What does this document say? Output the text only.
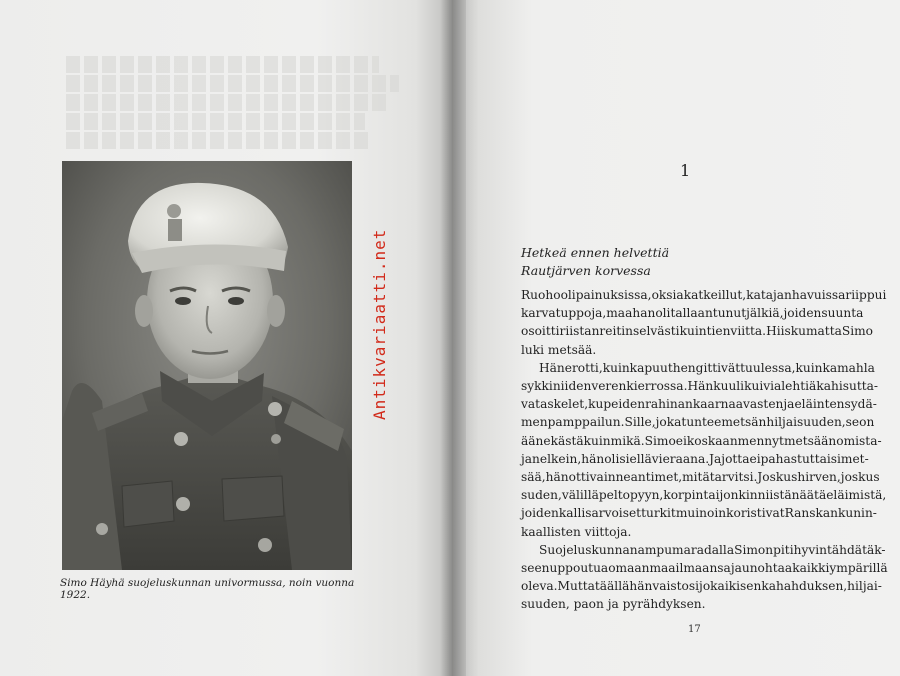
Simo Häyhä suojeluskunnan univormussa, noin vuonna 1922.
Antikvariaatti.net
1
Hetkeä ennen helvettiä
Rautjärven korvessa
Ruoho oli painuksissa, oksia katkeillut, katajanhavuissa riippui
karvatuppoja, maahan oli tallaantunut jälkiä, joiden suunta
osoitti riistan reitin selvästi kuin tienviitta. Hiiskumatta Simo
luki metsää.
Hän erotti, kuinka puut hengittivät tuulessa, kuinka mahla
sykki niiden verenkierrossa. Hän kuuli kuivia lehtiä kahisutta-
vat askelet, kupeiden rahinan kaarnaa vasten ja eläinten sydä-
men pamppailun. Sille, joka tuntee metsän hiljaisuuden, se on
äänekästä kuin mikä. Simo ei koskaan mennyt metsään omista-
jan elkein, hän oli siellä vieraana. Ja jotta ei pahastuttaisi met-
sää, hän otti vain ne antimet, mitä tarvitsi. Joskus hirven, joskus
suden, välillä peltopyyn, korpin tai jonkin niistä näätäeläimistä,
joiden kallisarvoiset turkit muinoin koristivat Ranskan kunin-
kaallisten viittoja.
Suojeluskunnan ampumaradalla Simon piti hyvin tähdätäk-
seen uppoutua omaan maailmaansa ja unohtaa kaikki ympärillä
oleva. Mutta täällä hän vaistosi joka ikisen kahahduksen, hiljai-
suuden, paon ja pyrähdyksen.
17
